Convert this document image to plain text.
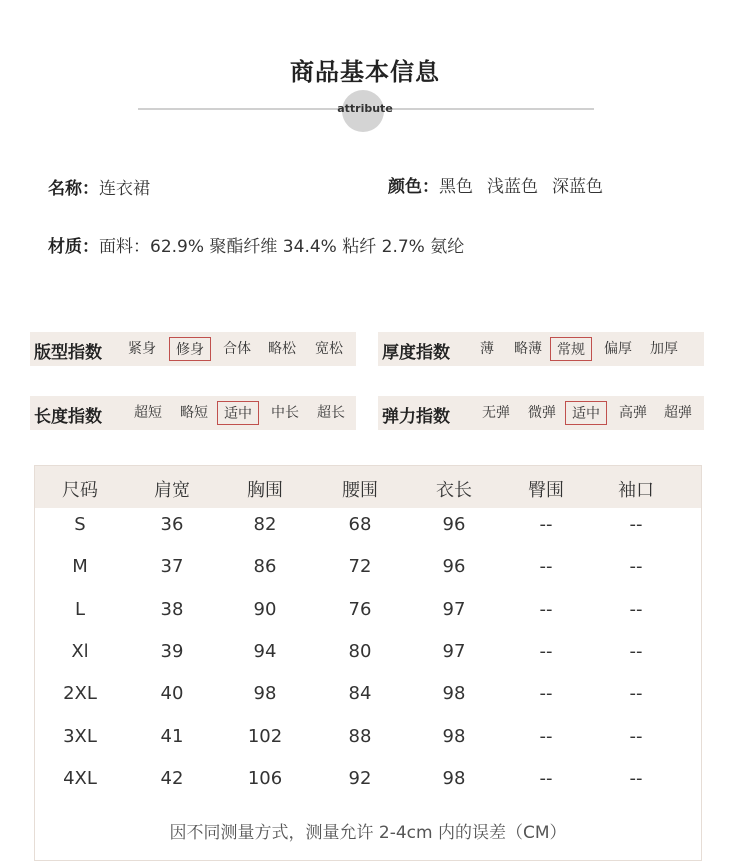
商品基本信息
attribute
名称：连衣裙	颜色：黑色 浅蓝色 深蓝色
材质：面料：62.9% 聚酯纤维 34.4% 粘纤 2.7% 氨纶
版型指数 紧身	修身	合体 略松 宽松 厚度指数	薄	略薄	常规	偏厚 加厚
长度指数 超短 略短	适中	中长 超长 弹力指数 无弹 微弹	适中	高弹 超弹
尺码	肩宽	胸围	腰围	衣长	臀围	袖口
S	36	82	68	96	--	--
M	37	86	72	96	--	--
L	38	90	76	97	--	--
Xl	39	94	80	97	--	--
2XL	40	98	84	98	--	--
3XL	41	102	88	98	--	--
4XL	42	106	92	98	--	--
因不同测量方式，测量允许 2-4cm 内的误差（CM）
